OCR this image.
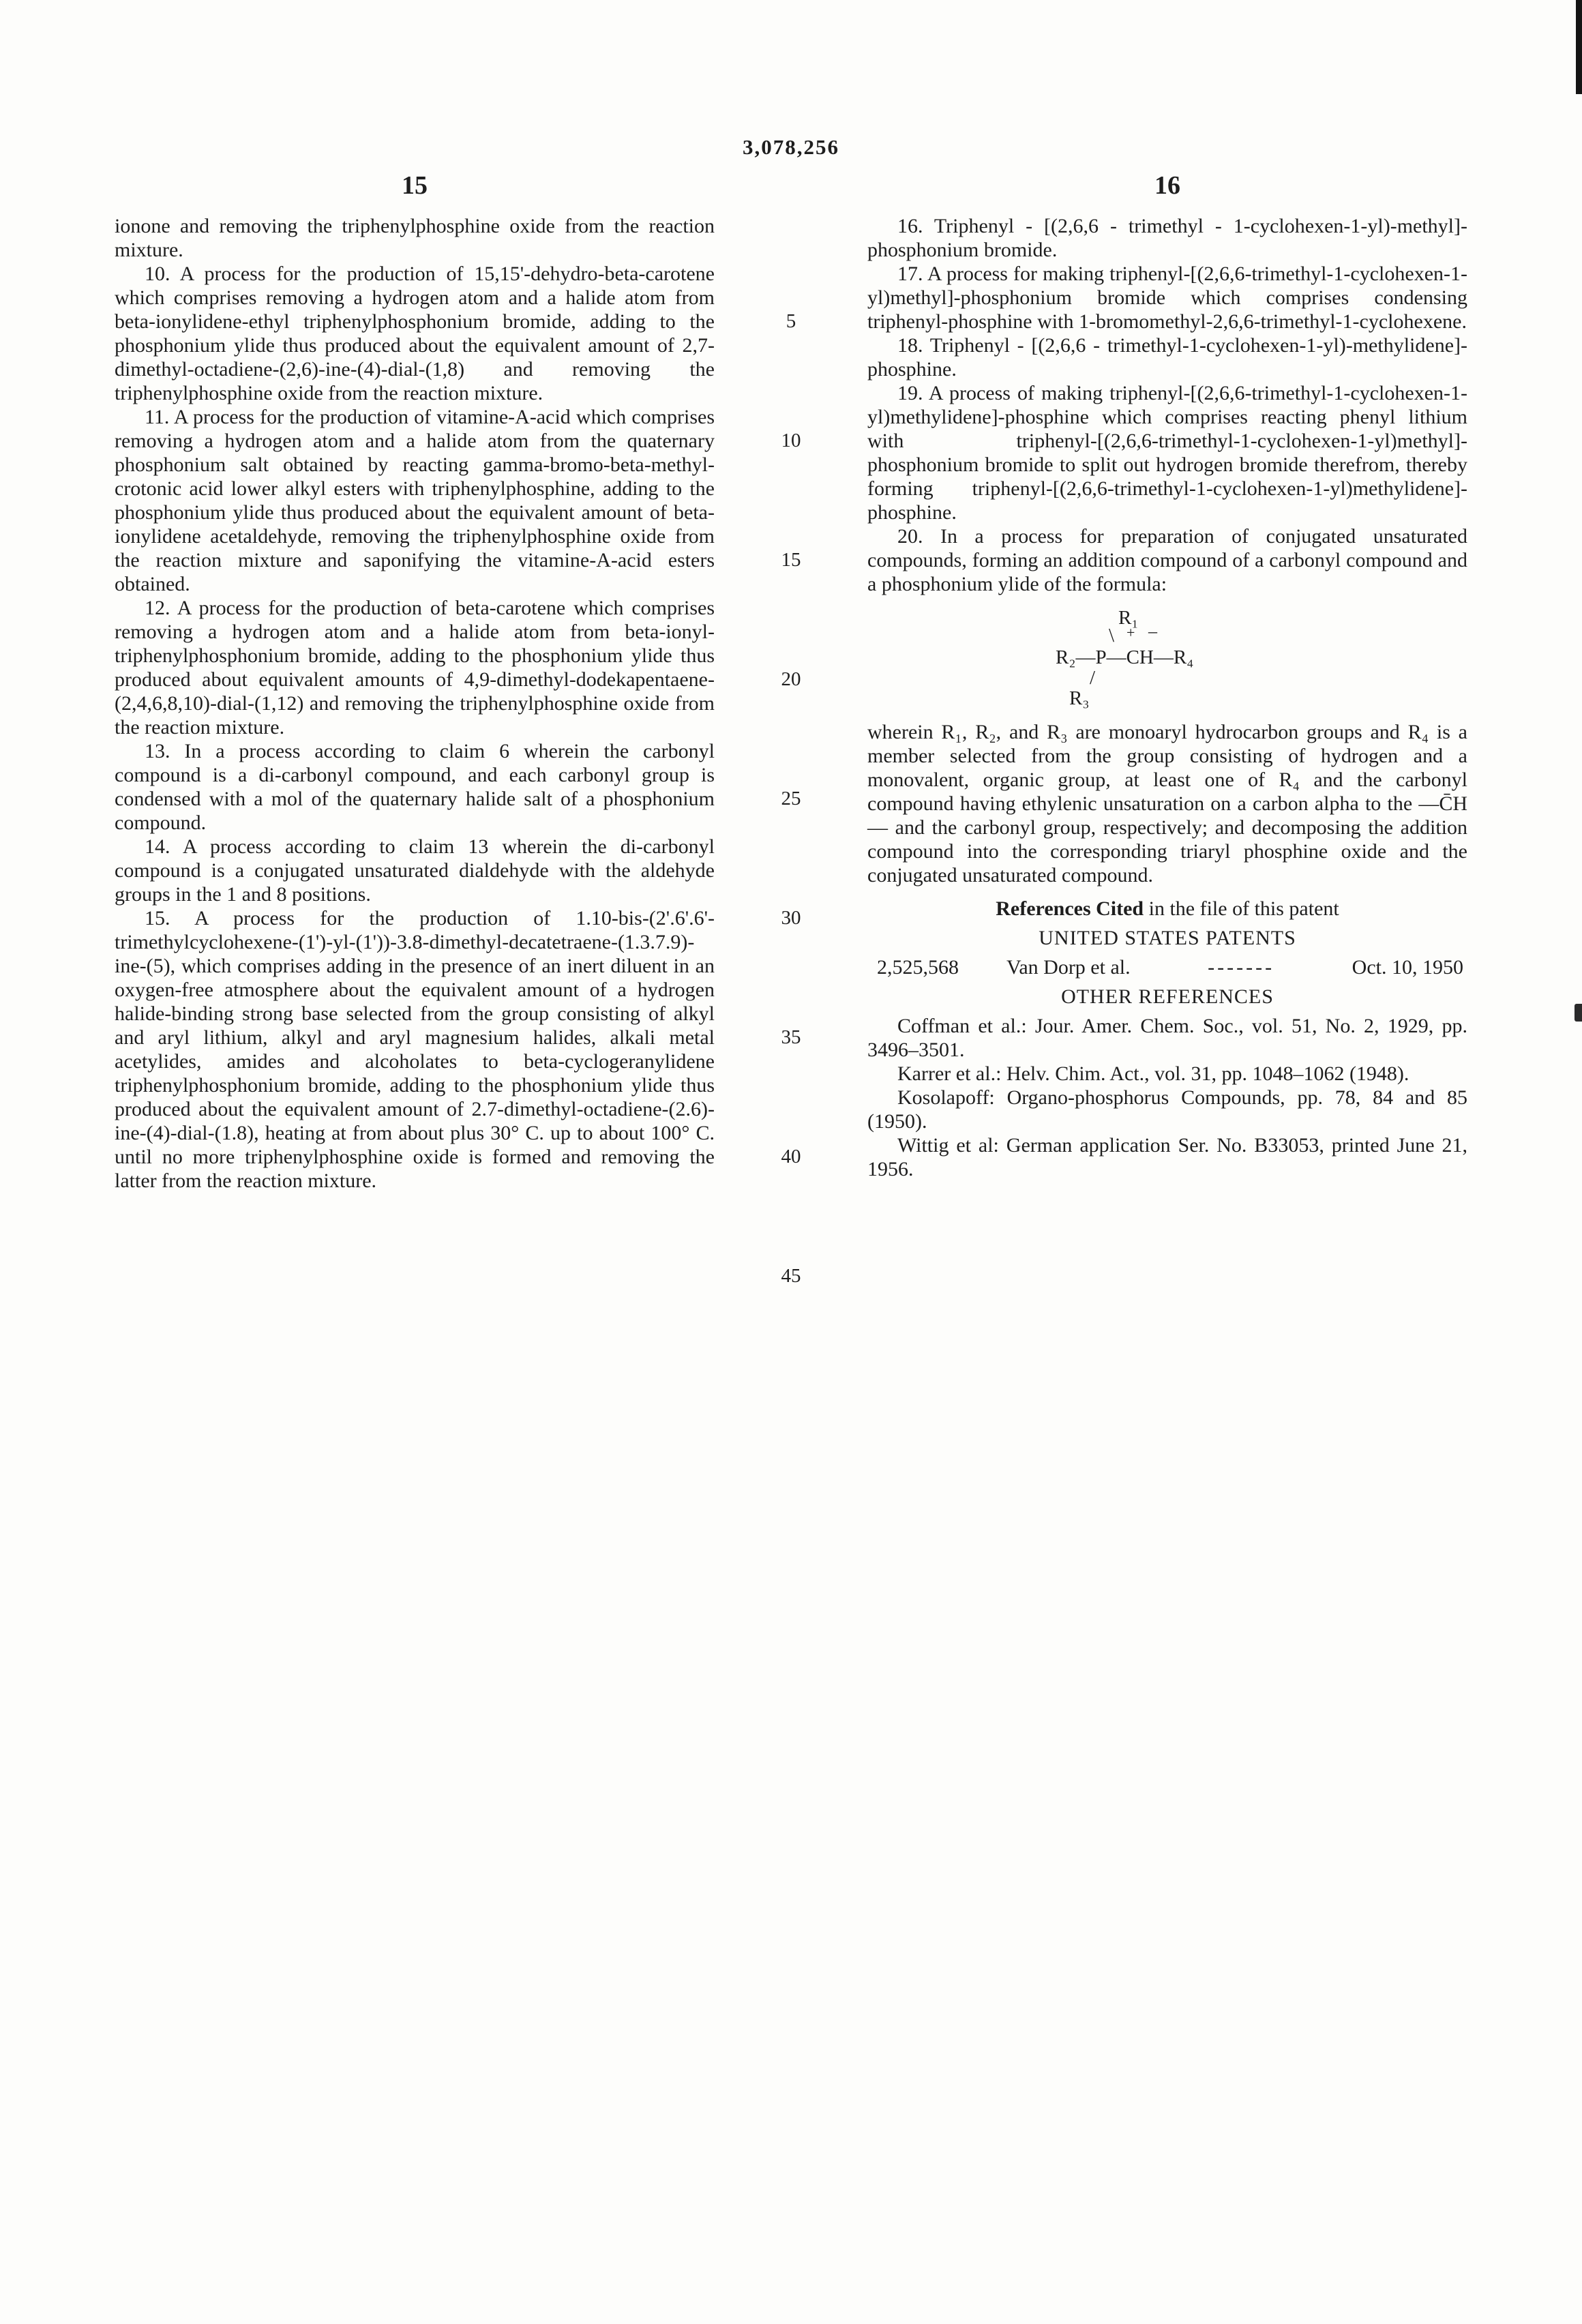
3,078,256
15

ionone and removing the triphenylphosphine oxide from the reaction mixture.

10. A process for the production of 15,15'-dehydro-beta-carotene which comprises removing a hydrogen atom and a halide atom from beta-ionylidene-ethyl triphenylphosphonium bromide, adding to the phosphonium ylide thus produced about the equivalent amount of 2,7-dimethyl-octadiene-(2,6)-ine-(4)-dial-(1,8) and removing the triphenylphosphine oxide from the reaction mixture.

11. A process for the production of vitamine-A-acid which comprises removing a hydrogen atom and a halide atom from the quaternary phosphonium salt obtained by reacting gamma-bromo-beta-methyl-crotonic acid lower alkyl esters with triphenylphosphine, adding to the phosphonium ylide thus produced about the equivalent amount of beta-ionylidene acetaldehyde, removing the triphenylphosphine oxide from the reaction mixture and saponifying the vitamine-A-acid esters obtained.

12. A process for the production of beta-carotene which comprises removing a hydrogen atom and a halide atom from beta-ionyl-triphenylphosphonium bromide, adding to the phosphonium ylide thus produced about equivalent amounts of 4,9-dimethyl-dodekapentaene-(2,4,6,8,10)-dial-(1,12) and removing the triphenylphosphine oxide from the reaction mixture.

13. In a process according to claim 6 wherein the carbonyl compound is a di-carbonyl compound, and each carbonyl group is condensed with a mol of the quaternary halide salt of a phosphonium compound.

14. A process according to claim 13 wherein the di-carbonyl compound is a conjugated unsaturated dialdehyde with the aldehyde groups in the 1 and 8 positions.

15. A process for the production of 1.10-bis-(2'.6'.6'-trimethylcyclohexene-(1')-yl-(1'))-3.8-dimethyl-decatetraene-(1.3.7.9)-ine-(5), which comprises adding in the presence of an inert diluent in an oxygen-free atmosphere about the equivalent amount of a hydrogen halide-binding strong base selected from the group consisting of alkyl and aryl lithium, alkyl and aryl magnesium halides, alkali metal acetylides, amides and alcoholates to beta-cyclogeranylidene triphenylphosphonium bromide, adding to the phosphonium ylide thus produced about the equivalent amount of 2.7-dimethyl-octadiene-(2.6)-ine-(4)-dial-(1.8), heating at from about plus 30° C. up to about 100° C. until no more triphenylphosphine oxide is formed and removing the latter from the reaction mixture.

16

16. Triphenyl - [(2,6,6 - trimethyl - 1-cyclohexen-1-yl)-methyl]-phosphonium bromide.

17. A process for making triphenyl-[(2,6,6-trimethyl-1-cyclohexen-1-yl)methyl]-phosphonium bromide which comprises condensing triphenyl-phosphine with 1-bromomethyl-2,6,6-trimethyl-1-cyclohexene.

18. Triphenyl - [(2,6,6 - trimethyl-1-cyclohexen-1-yl)-methylidene]-phosphine.

19. A process of making triphenyl-[(2,6,6-trimethyl-1-cyclohexen-1-yl)methylidene]-phosphine which comprises reacting phenyl lithium with triphenyl-[(2,6,6-trimethyl-1-cyclohexen-1-yl)methyl]-phosphonium bromide to split out hydrogen bromide therefrom, thereby forming triphenyl-[(2,6,6-trimethyl-1-cyclohexen-1-yl)methylidene]-phosphine.

20. In a process for preparation of conjugated unsaturated compounds, forming an addition compound of a carbonyl compound and a phosphonium ylide of the formula:

R₁
\ + –
R₂—P—CH—R₄
/
R₃

wherein R₁, R₂, and R₃ are monoaryl hydrocarbon groups and R₄ is a member selected from the group consisting of hydrogen and a monovalent, organic group, at least one of R₄ and the carbonyl compound having ethylenic unsaturation on a carbon alpha to the —C̄H— and the carbonyl group, respectively; and decomposing the addition compound into the corresponding triaryl phosphine oxide and the conjugated unsaturated compound.

References Cited in the file of this patent
UNITED STATES PATENTS
2,525,568	Van Dorp et al.	-------	Oct. 10, 1950
OTHER REFERENCES

Coffman et al.: Jour. Amer. Chem. Soc., vol. 51, No. 2, 1929, pp. 3496–3501.

Karrer et al.: Helv. Chim. Act., vol. 31, pp. 1048–1062 (1948).

Kosolapoff: Organo-phosphorus Compounds, pp. 78, 84 and 85 (1950).

Wittig et al: German application Ser. No. B33053, printed June 21, 1956.

5
10
15
20
25
30
35
40
45
